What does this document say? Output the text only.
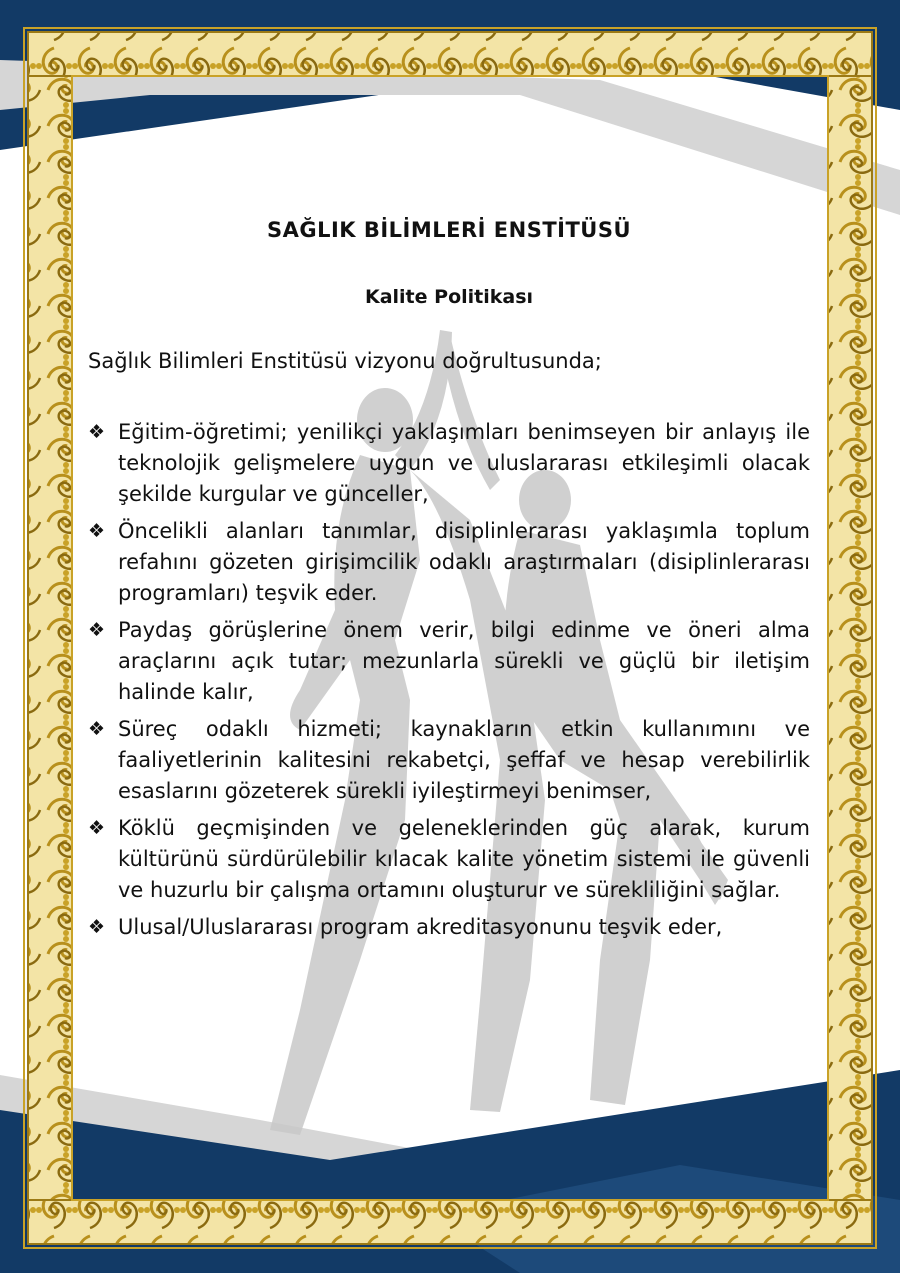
SAĞLIK BİLİMLERİ ENSTİTÜSÜ
Kalite Politikası

Sağlık Bilimleri Enstitüsü vizyonu doğrultusunda;

❖ Eğitim-öğretimi; yenilikçi yaklaşımları benimseyen bir anlayış ile teknolojik gelişmelere uygun ve uluslararası etkileşimli olacak şekilde kurgular ve günceller,
❖ Öncelikli alanları tanımlar, disiplinlerarası yaklaşımla toplum refahını gözeten girişimcilik odaklı araştırmaları (disiplinlerarası programları) teşvik eder.
❖ Paydaş görüşlerine önem verir, bilgi edinme ve öneri alma araçlarını açık tutar; mezunlarla sürekli ve güçlü bir iletişim halinde kalır,
❖ Süreç odaklı hizmeti; kaynakların etkin kullanımını ve faaliyetlerinin kalitesini rekabetçi, şeffaf ve hesap verebilirlik esaslarını gözeterek sürekli iyileştirmeyi benimser,
❖ Köklü geçmişinden ve geleneklerinden güç alarak, kurum kültürünü sürdürülebilir kılacak kalite yönetim sistemi ile güvenli ve huzurlu bir çalışma ortamını oluşturur ve sürekliliğini sağlar.
❖ Ulusal/Uluslararası program akreditasyonunu teşvik eder,
